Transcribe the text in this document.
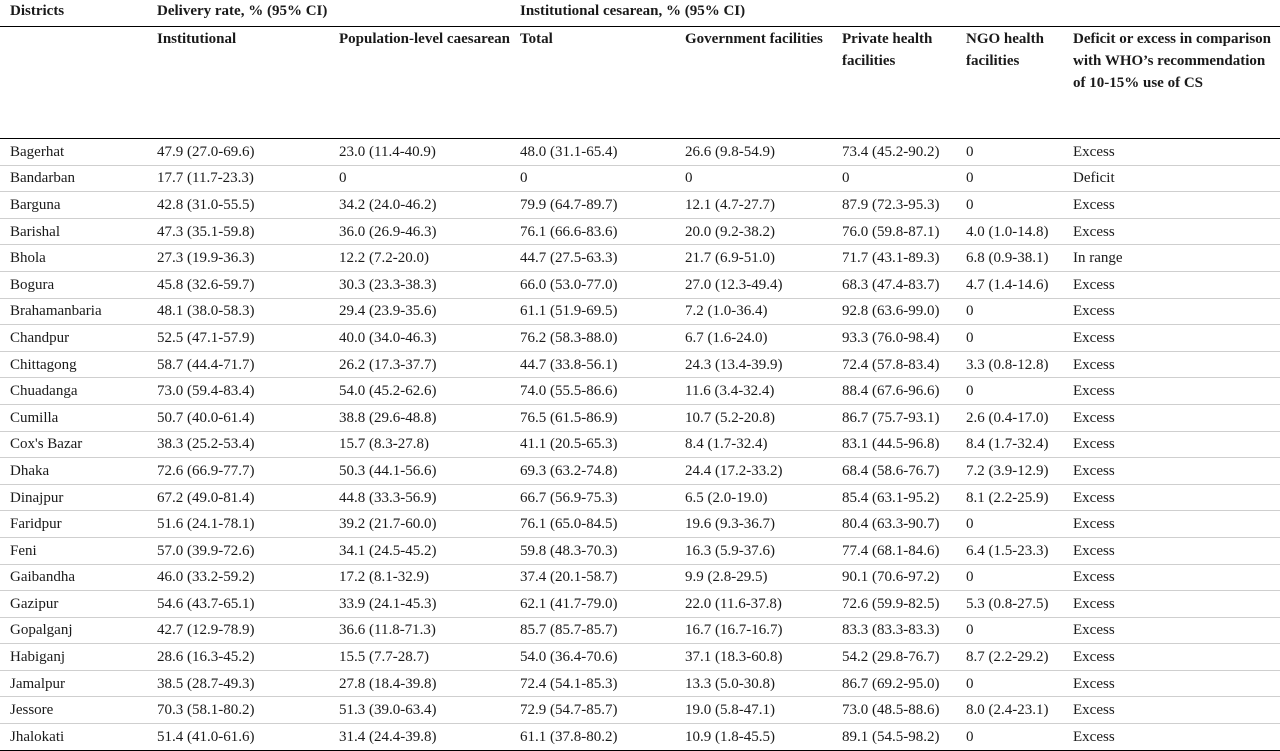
Districts	Delivery rate, % (95% CI)		Institutional cesarean, % (95% CI)				
	Institutional	Population-level caesarean	Total	Government facilities	Private health facilities	NGO health facilities	Deficit or excess in comparison with WHO’s recommendation of 10-15% use of CS
Bagerhat	47.9 (27.0-69.6)	23.0 (11.4-40.9)	48.0 (31.1-65.4)	26.6 (9.8-54.9)	73.4 (45.2-90.2)	0	Excess
Bandarban	17.7 (11.7-23.3)	0	0	0	0	0	Deficit
Barguna	42.8 (31.0-55.5)	34.2 (24.0-46.2)	79.9 (64.7-89.7)	12.1 (4.7-27.7)	87.9 (72.3-95.3)	0	Excess
Barishal	47.3 (35.1-59.8)	36.0 (26.9-46.3)	76.1 (66.6-83.6)	20.0 (9.2-38.2)	76.0 (59.8-87.1)	4.0 (1.0-14.8)	Excess
Bhola	27.3 (19.9-36.3)	12.2 (7.2-20.0)	44.7 (27.5-63.3)	21.7 (6.9-51.0)	71.7 (43.1-89.3)	6.8 (0.9-38.1)	In range
Bogura	45.8 (32.6-59.7)	30.3 (23.3-38.3)	66.0 (53.0-77.0)	27.0 (12.3-49.4)	68.3 (47.4-83.7)	4.7 (1.4-14.6)	Excess
Brahamanbaria	48.1 (38.0-58.3)	29.4 (23.9-35.6)	61.1 (51.9-69.5)	7.2 (1.0-36.4)	92.8 (63.6-99.0)	0	Excess
Chandpur	52.5 (47.1-57.9)	40.0 (34.0-46.3)	76.2 (58.3-88.0)	6.7 (1.6-24.0)	93.3 (76.0-98.4)	0	Excess
Chittagong	58.7 (44.4-71.7)	26.2 (17.3-37.7)	44.7 (33.8-56.1)	24.3 (13.4-39.9)	72.4 (57.8-83.4)	3.3 (0.8-12.8)	Excess
Chuadanga	73.0 (59.4-83.4)	54.0 (45.2-62.6)	74.0 (55.5-86.6)	11.6 (3.4-32.4)	88.4 (67.6-96.6)	0	Excess
Cumilla	50.7 (40.0-61.4)	38.8 (29.6-48.8)	76.5 (61.5-86.9)	10.7 (5.2-20.8)	86.7 (75.7-93.1)	2.6 (0.4-17.0)	Excess
Cox's Bazar	38.3 (25.2-53.4)	15.7 (8.3-27.8)	41.1 (20.5-65.3)	8.4 (1.7-32.4)	83.1 (44.5-96.8)	8.4 (1.7-32.4)	Excess
Dhaka	72.6 (66.9-77.7)	50.3 (44.1-56.6)	69.3 (63.2-74.8)	24.4 (17.2-33.2)	68.4 (58.6-76.7)	7.2 (3.9-12.9)	Excess
Dinajpur	67.2 (49.0-81.4)	44.8 (33.3-56.9)	66.7 (56.9-75.3)	6.5 (2.0-19.0)	85.4 (63.1-95.2)	8.1 (2.2-25.9)	Excess
Faridpur	51.6 (24.1-78.1)	39.2 (21.7-60.0)	76.1 (65.0-84.5)	19.6 (9.3-36.7)	80.4 (63.3-90.7)	0	Excess
Feni	57.0 (39.9-72.6)	34.1 (24.5-45.2)	59.8 (48.3-70.3)	16.3 (5.9-37.6)	77.4 (68.1-84.6)	6.4 (1.5-23.3)	Excess
Gaibandha	46.0 (33.2-59.2)	17.2 (8.1-32.9)	37.4 (20.1-58.7)	9.9 (2.8-29.5)	90.1 (70.6-97.2)	0	Excess
Gazipur	54.6 (43.7-65.1)	33.9 (24.1-45.3)	62.1 (41.7-79.0)	22.0 (11.6-37.8)	72.6 (59.9-82.5)	5.3 (0.8-27.5)	Excess
Gopalganj	42.7 (12.9-78.9)	36.6 (11.8-71.3)	85.7 (85.7-85.7)	16.7 (16.7-16.7)	83.3 (83.3-83.3)	0	Excess
Habiganj	28.6 (16.3-45.2)	15.5 (7.7-28.7)	54.0 (36.4-70.6)	37.1 (18.3-60.8)	54.2 (29.8-76.7)	8.7 (2.2-29.2)	Excess
Jamalpur	38.5 (28.7-49.3)	27.8 (18.4-39.8)	72.4 (54.1-85.3)	13.3 (5.0-30.8)	86.7 (69.2-95.0)	0	Excess
Jessore	70.3 (58.1-80.2)	51.3 (39.0-63.4)	72.9 (54.7-85.7)	19.0 (5.8-47.1)	73.0 (48.5-88.6)	8.0 (2.4-23.1)	Excess
Jhalokati	51.4 (41.0-61.6)	31.4 (24.4-39.8)	61.1 (37.8-80.2)	10.9 (1.8-45.5)	89.1 (54.5-98.2)	0	Excess
